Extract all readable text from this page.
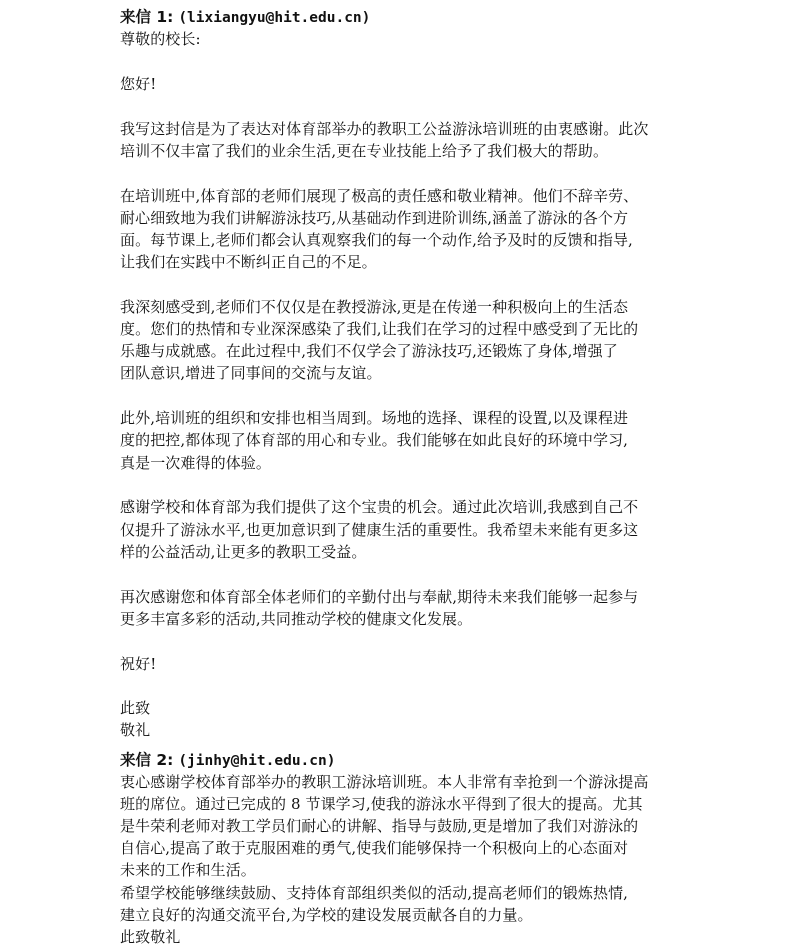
来信 1: (lixiangyu@hit.edu.cn)
尊敬的校长:
您好!
我写这封信是为了表达对体育部举办的教职工公益游泳培训班的由衷感谢。此次
培训不仅丰富了我们的业余生活,更在专业技能上给予了我们极大的帮助。
在培训班中,体育部的老师们展现了极高的责任感和敬业精神。他们不辞辛劳、
耐心细致地为我们讲解游泳技巧,从基础动作到进阶训练,涵盖了游泳的各个方
面。每节课上,老师们都会认真观察我们的每一个动作,给予及时的反馈和指导,
让我们在实践中不断纠正自己的不足。
我深刻感受到,老师们不仅仅是在教授游泳,更是在传递一种积极向上的生活态
度。您们的热情和专业深深感染了我们,让我们在学习的过程中感受到了无比的
乐趣与成就感。在此过程中,我们不仅学会了游泳技巧,还锻炼了身体,增强了
团队意识,增进了同事间的交流与友谊。
此外,培训班的组织和安排也相当周到。场地的选择、课程的设置,以及课程进
度的把控,都体现了体育部的用心和专业。我们能够在如此良好的环境中学习,
真是一次难得的体验。
感谢学校和体育部为我们提供了这个宝贵的机会。通过此次培训,我感到自己不
仅提升了游泳水平,也更加意识到了健康生活的重要性。我希望未来能有更多这
样的公益活动,让更多的教职工受益。
再次感谢您和体育部全体老师们的辛勤付出与奉献,期待未来我们能够一起参与
更多丰富多彩的活动,共同推动学校的健康文化发展。
祝好!
此致
敬礼
来信 2: (jinhy@hit.edu.cn)
衷心感谢学校体育部举办的教职工游泳培训班。本人非常有幸抢到一个游泳提高
班的席位。通过已完成的 8 节课学习,使我的游泳水平得到了很大的提高。尤其
是牛荣利老师对教工学员们耐心的讲解、指导与鼓励,更是增加了我们对游泳的
自信心,提高了敢于克服困难的勇气,使我们能够保持一个积极向上的心态面对
未来的工作和生活。
希望学校能够继续鼓励、支持体育部组织类似的活动,提高老师们的锻炼热情,
建立良好的沟通交流平台,为学校的建设发展贡献各自的力量。
此致敬礼
